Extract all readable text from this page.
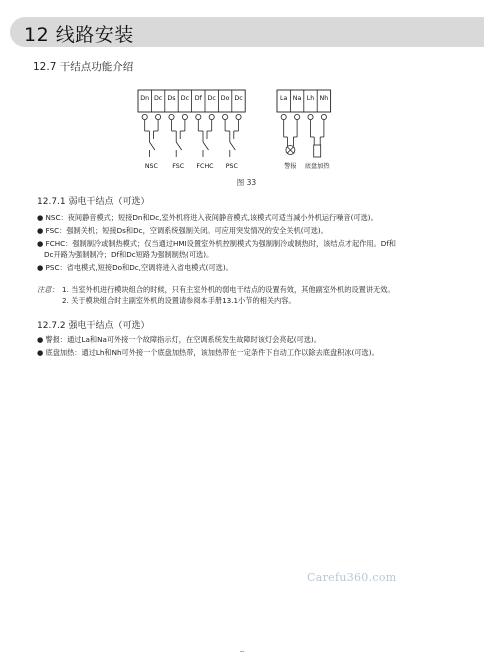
12 线路安装
12.7 干结点功能介绍
Dn Dc Ds Dc Df Dc Do Dc	La Na Lh Nh
NSC FSC FCHC PSC	警报 底盘加热
图 33
12.7.1 弱电干结点（可选）
● NSC：夜间静音模式；短接Dn和Dc,室外机将进入夜间静音模式,该模式可适当减小外机运行噪音(可选)。
● FSC：强制关机；短接Ds和Dc，空调系统强制关闭。可应用突发情况的安全关机(可选)。
● FCHC：强制制冷或制热模式；仅当通过HMI设置室外机控制模式为强制制冷或制热时，该结点才起作用。Df和
Dc开路为强制制冷；Df和Dc短路为强制制热(可选)。
● PSC：省电模式,短接Do和Dc,空调将进入省电模式(可选)。
注意： 1. 当室外机进行模块组合的时候，只有主室外机的弱电干结点的设置有效，其他副室外机的设置讲无效。
2. 关于模块组合时主副室外机的设置请参阅本手册13.1小节的相关内容。
12.7.2 强电干结点（可选）
● 警报：通过La和Na可外接一个故障指示灯，在空调系统发生故障时该灯会亮起(可选)。
● 底盘加热：通过Lh和Nh可外接一个底盘加热带，该加热带在一定条件下自动工作以除去底盘积冰(可选)。
Carefu360.com
--
